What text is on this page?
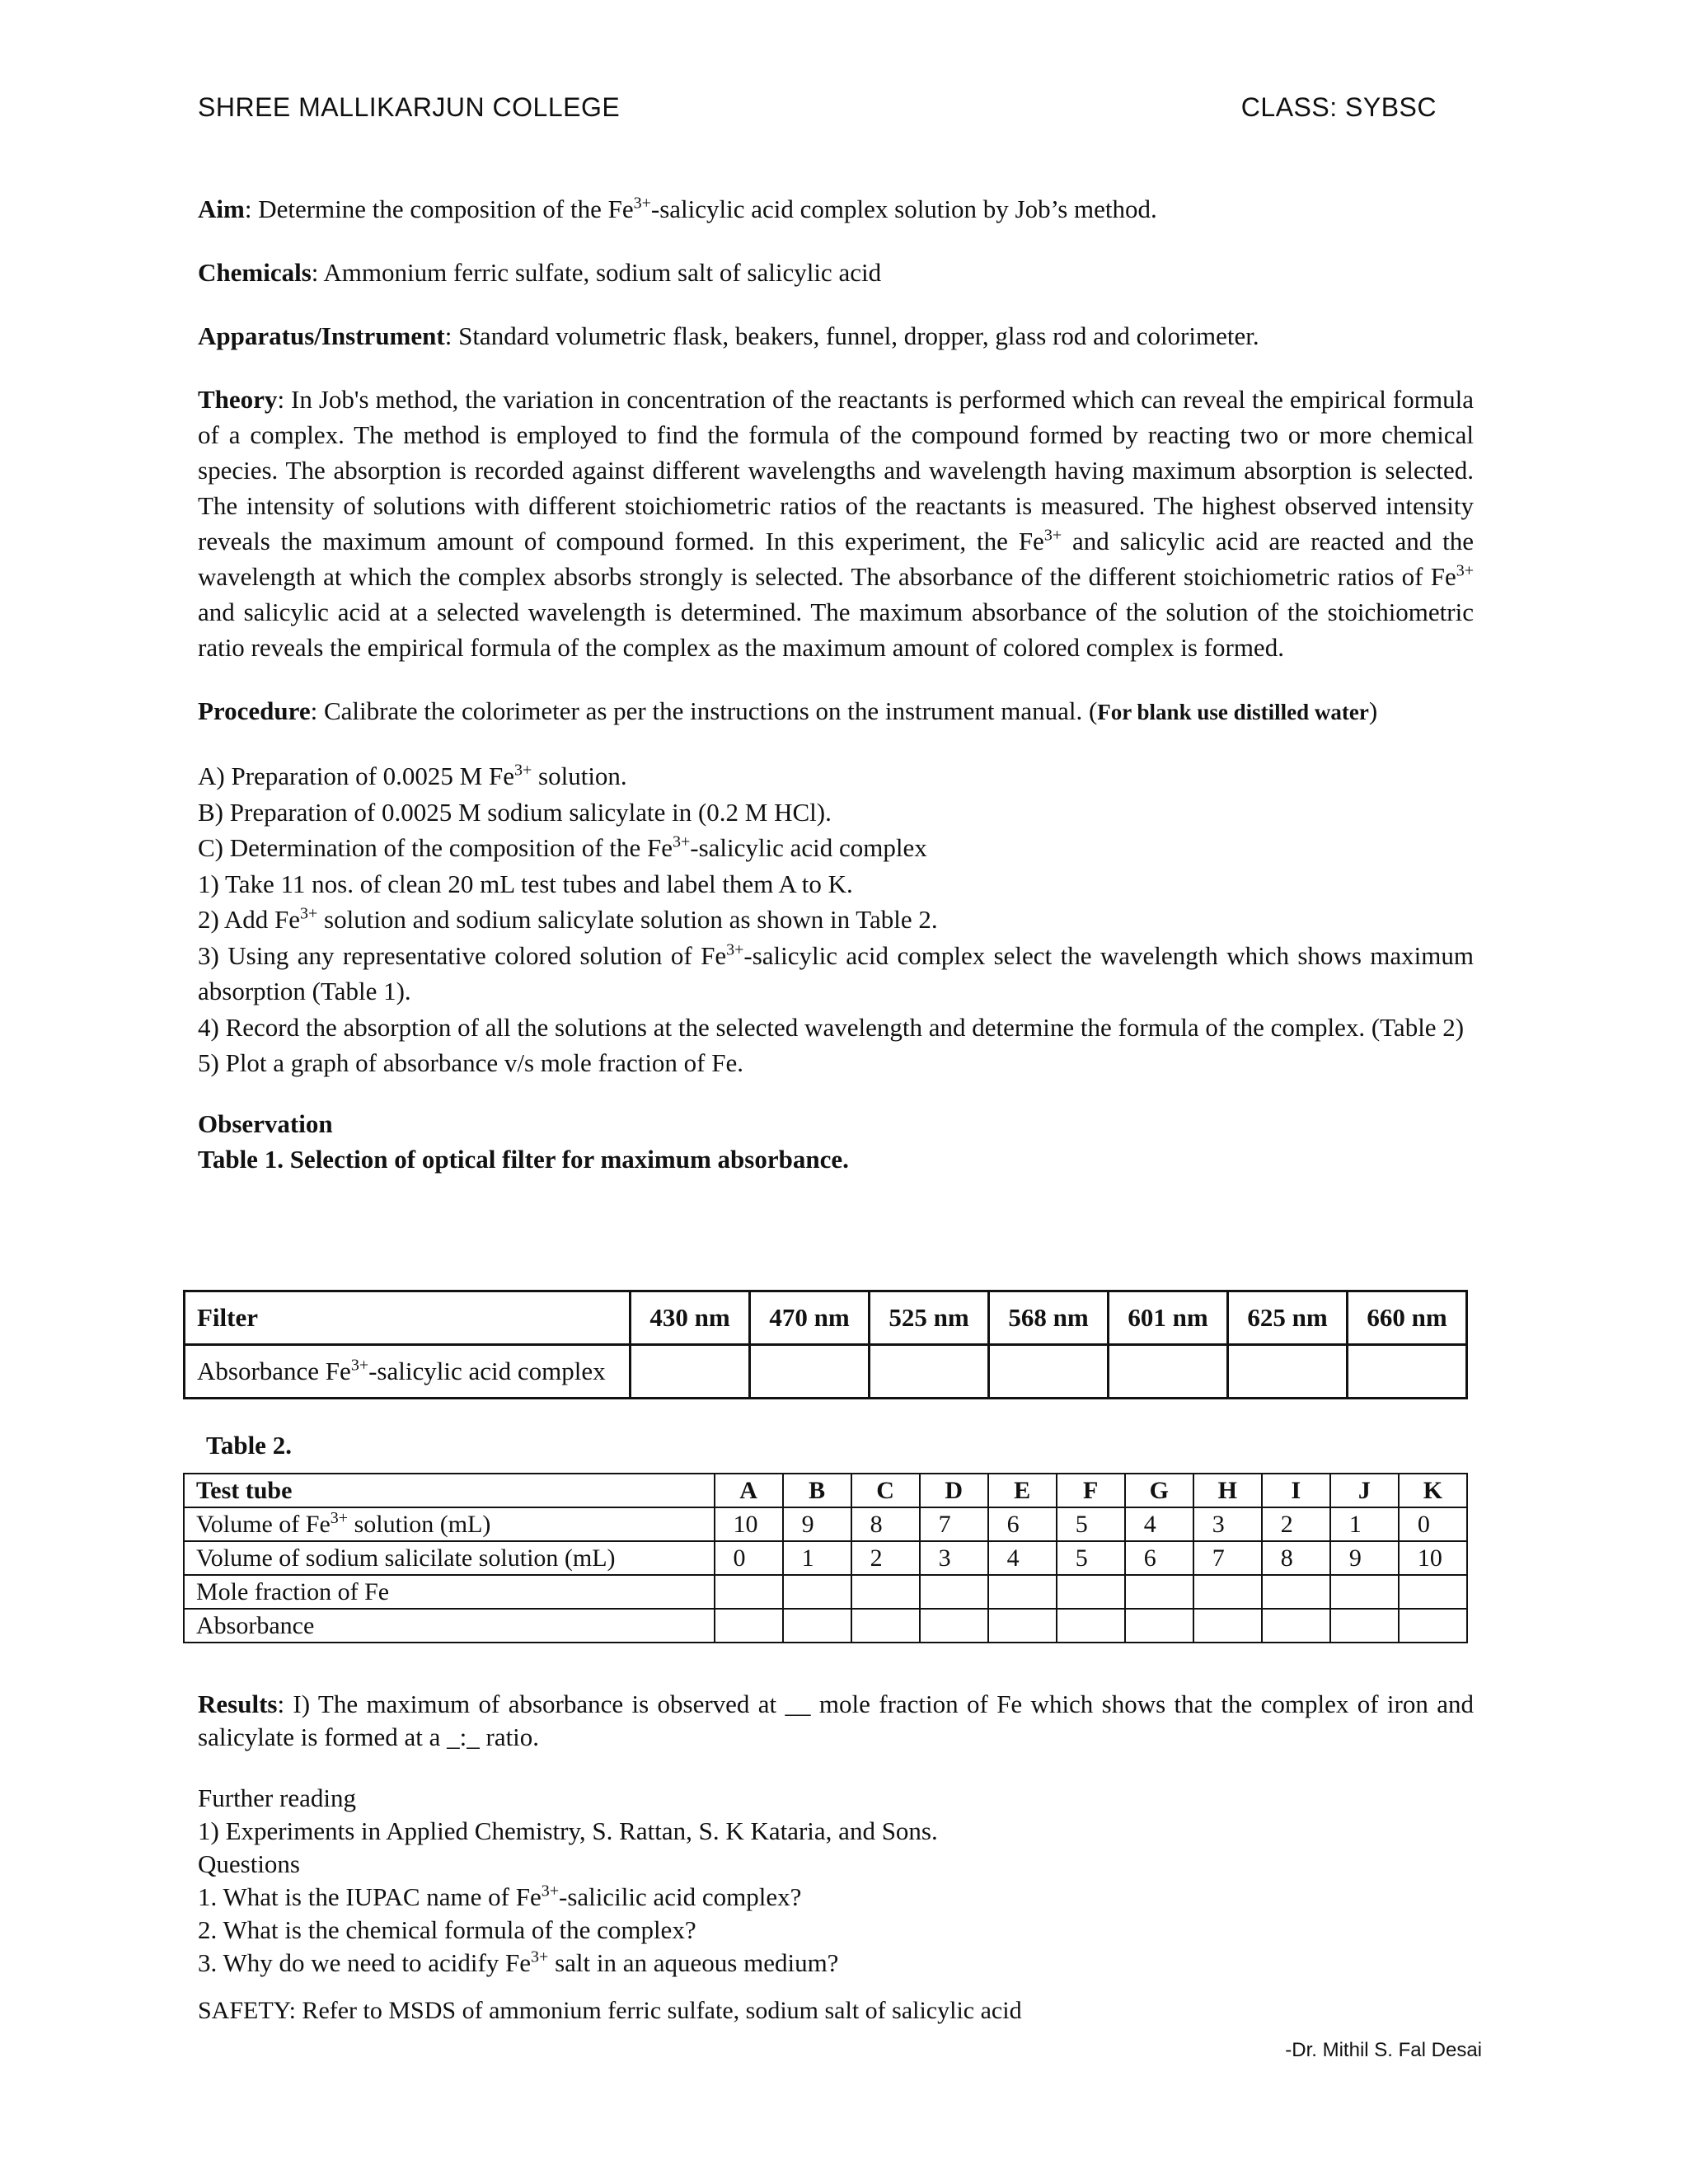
SHREE MALLIKARJUN COLLEGE	CLASS: SYBSC

Aim: Determine the composition of the $Fe^{3+}$-salicylic acid complex solution by Job’s method.

Chemicals: Ammonium ferric sulfate, sodium salt of salicylic acid

Apparatus/Instrument: Standard volumetric flask, beakers, funnel, dropper, glass rod and colorimeter.

Theory: In Job's method, the variation in concentration of the reactants is performed which can reveal the empirical formula of a complex. The method is employed to find the formula of the compound formed by reacting two or more chemical species. The absorption is recorded against different wavelengths and wavelength having maximum absorption is selected. The intensity of solutions with different stoichiometric ratios of the reactants is measured. The highest observed intensity reveals the maximum amount of compound formed. In this experiment, the $Fe^{3+}$ and salicylic acid are reacted and the wavelength at which the complex absorbs strongly is selected. The absorbance of the different stoichiometric ratios of $Fe^{3+}$ and salicylic acid at a selected wavelength is determined. The maximum absorbance of the solution of the stoichiometric ratio reveals the empirical formula of the complex as the maximum amount of colored complex is formed.

Procedure: Calibrate the colorimeter as per the instructions on the instrument manual. (For blank use distilled water)

A) Preparation of 0.0025 M $Fe^{3+}$ solution.

B) Preparation of 0.0025 M sodium salicylate in (0.2 M HCl).

C) Determination of the composition of the $Fe^{3+}$-salicylic acid complex

1) Take 11 nos. of clean 20 mL test tubes and label them A to K.

2) Add $Fe^{3+}$ solution and sodium salicylate solution as shown in Table 2.

3) Using any representative colored solution of $Fe^{3+}$-salicylic acid complex select the wavelength which shows maximum absorption (Table 1).

4) Record the absorption of all the solutions at the selected wavelength and determine the formula of the complex. (Table 2)

5) Plot a graph of absorbance v/s mole fraction of Fe.

Observation

Table 1. Selection of optical filter for maximum absorbance.

Filter	430 nm	470 nm	525 nm	568 nm	601 nm	625 nm	660 nm
Absorbance $Fe^{3+}$-salicylic acid complex							
Table 2.
Test tube	A	B	C	D	E	F	G	H	I	J	K
Volume of $Fe^{3+}$ solution (mL)	10	9	8	7	6	5	4	3	2	1	0
Volume of sodium salicilate solution (mL)	0	1	2	3	4	5	6	7	8	9	10
Mole fraction of Fe											
Absorbance											

Results: I) The maximum of absorbance is observed at __ mole fraction of Fe which shows that the complex of iron and salicylate is formed at a _:_ ratio.

Further reading

1) Experiments in Applied Chemistry, S. Rattan, S. K Kataria, and Sons.

Questions

1. What is the IUPAC name of $Fe^{3+}$-salicilic acid complex?

2. What is the chemical formula of the complex?

3. Why do we need to acidify $Fe^{3+}$ salt in an aqueous medium?

SAFETY: Refer to MSDS of ammonium ferric sulfate, sodium salt of salicylic acid
-Dr. Mithil S. Fal Desai
